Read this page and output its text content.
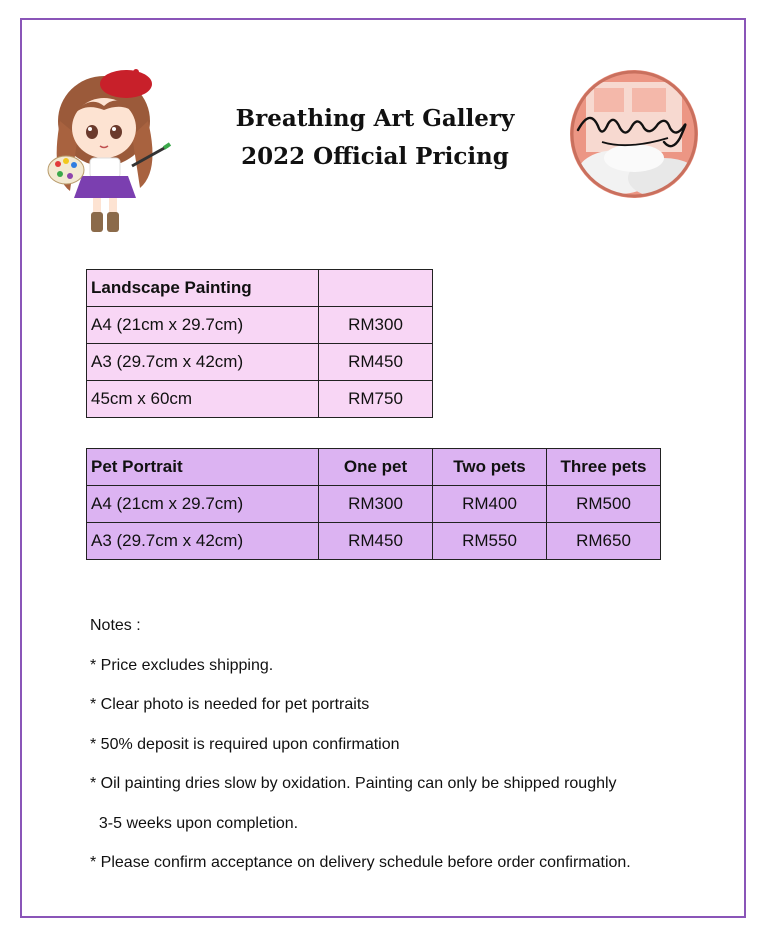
Breathing Art Gallery
2022 Official Pricing
Landscape Painting	
A4 (21cm x 29.7cm)	RM300
A3 (29.7cm x 42cm)	RM450
45cm x 60cm	RM750
Pet Portrait	One pet	Two pets	Three pets
A4 (21cm x 29.7cm)	RM300	RM400	RM500
A3 (29.7cm x 42cm)	RM450	RM550	RM650
Notes :
* Price excludes shipping.
* Clear photo is needed for pet portraits
* 50% deposit is required upon confirmation
* Oil painting dries slow by oxidation. Painting can only be shipped roughly
3-5 weeks upon completion.
* Please confirm acceptance on delivery schedule before order confirmation.
